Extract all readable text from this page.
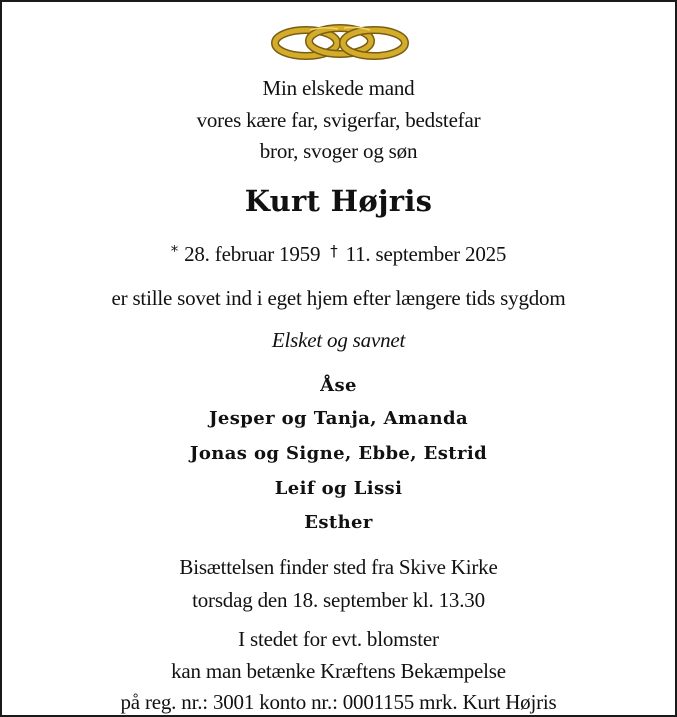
Min elskede mand
vores kære far, svigerfar, bedstefar
bror, svoger og søn
Kurt Højris
* 28. februar 1959 † 11. september 2025
er stille sovet ind i eget hjem efter længere tids sygdom
Elsket og savnet
Åse
Jesper og Tanja, Amanda
Jonas og Signe, Ebbe, Estrid
Leif og Lissi
Esther
Bisættelsen finder sted fra Skive Kirke
torsdag den 18. september kl. 13.30
I stedet for evt. blomster
kan man betænke Kræftens Bekæmpelse
på reg. nr.: 3001 konto nr.: 0001155 mrk. Kurt Højris
